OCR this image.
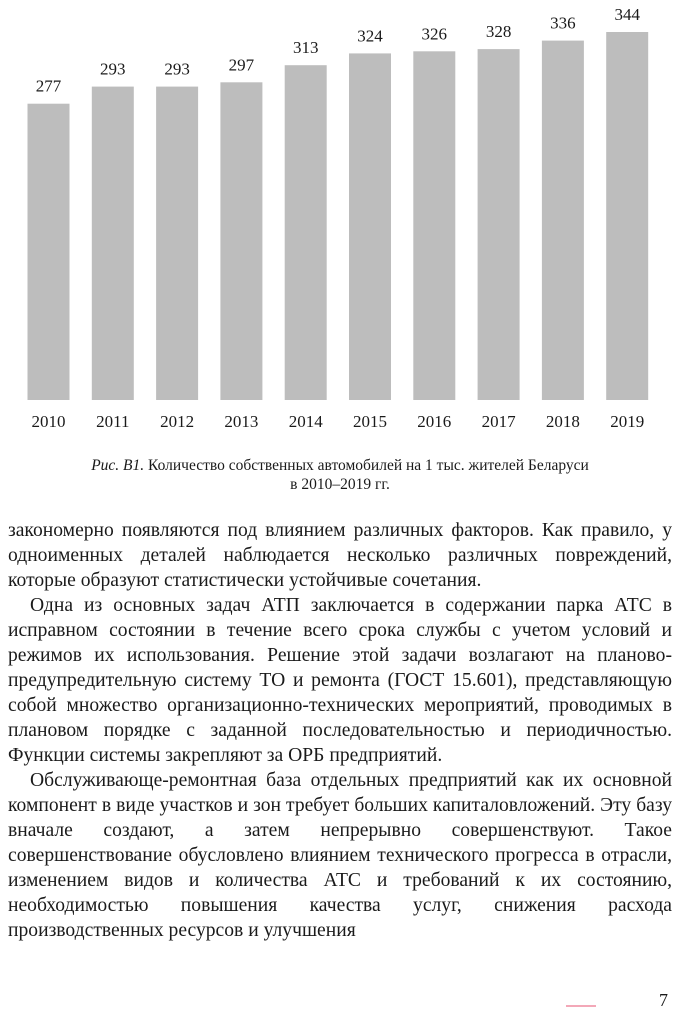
277
2010
293
2011
293
2012
297
2013
313
2014
324
2015
326
2016
328
2017
336
2018
344
2019
Рис. В1. Количество собственных автомобилей на 1 тыс. жителей Беларуси
в 2010–2019 гг.

закономерно появляются под влиянием различных факторов. Как правило, у одноименных деталей наблюдается несколько различных повреждений, которые образуют статистически устойчивые сочетания.

Одна из основных задач АТП заключается в содержании парка АТС в исправном состоянии в течение всего срока службы с учетом условий и режимов их использования. Решение этой задачи возлагают на планово-предупредительную систему ТО и ремонта (ГОСТ 15.601), представляющую собой множество организационно-технических мероприятий, проводимых в плановом порядке с заданной последовательностью и периодичностью. Функции системы закрепляют за ОРБ предприятий.

Обслуживающе-ремонтная база отдельных предприятий как их основной компонент в виде участков и зон требует больших капиталовложений. Эту базу вначале создают, а затем непрерывно совершенствуют. Такое совершенствование обусловлено влиянием технического прогресса в отрасли, изменением видов и количества АТС и требований к их состоянию, необходимостью повышения качества услуг, снижения расхода производственных ресурсов и улучшения

7
